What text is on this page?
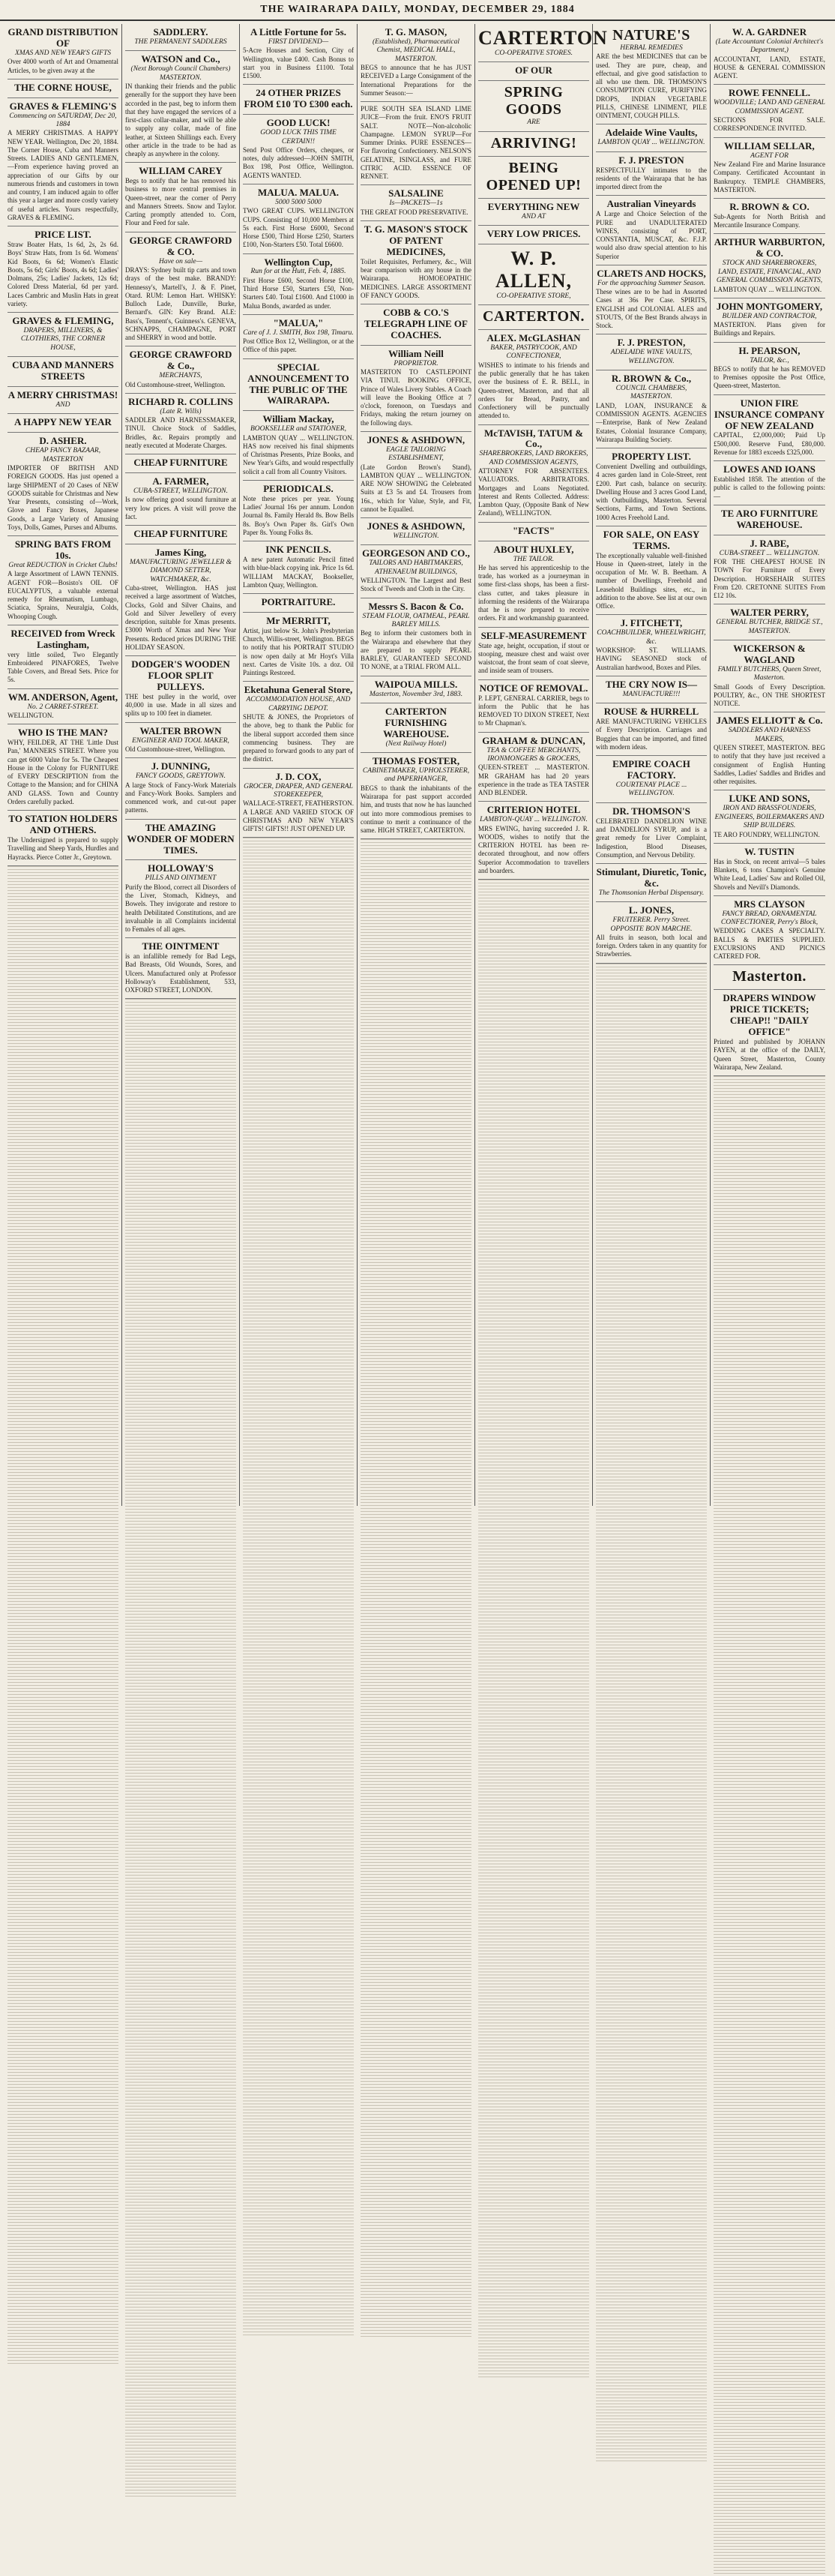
THE WAIRARAPA DAILY, MONDAY, DECEMBER 29, 1884
GRAND DISTRIBUTION OF
XMAS AND NEW YEAR'S GIFTS
Over 4000 worth of Art and Ornamental Articles, to be given away at the
THE CORNE HOUSE,
GRAVES & FLEMING'S
Commencing on SATURDAY, Dec 20, 1884
A MERRY CHRISTMAS. A HAPPY NEW YEAR. Wellington, Dec 20, 1884. The Corner House, Cuba and Manners Streets. LADIES AND GENTLEMEN,—From experience having proved an appreciation of our Gifts by our numerous friends and customers in town and country, I am induced again to offer this year a larger and more costly variety of useful articles. Yours respectfully, GRAVES & FLEMING.
PRICE LIST.
Straw Boater Hats, 1s 6d, 2s, 2s 6d. Boys' Straw Hats, from 1s 6d. Womens' Kid Boots, 6s 6d; Women's Elastic Boots, 5s 6d; Girls' Boots, 4s 6d; Ladies' Dolmans, 25s; Ladies' Jackets, 12s 6d; Colored Dress Material, 6d per yard. Laces Cambric and Muslin Hats in great variety.
GRAVES & FLEMING,
DRAPERS, MILLINERS, & CLOTHIERS, THE CORNER HOUSE,
CUBA AND MANNERS STREETS
A MERRY CHRISTMAS!
AND
A HAPPY NEW YEAR
D. ASHER.
CHEAP FANCY BAZAAR, MASTERTON
IMPORTER OF BRITISH AND FOREIGN GOODS. Has just opened a large SHIPMENT of 20 Cases of NEW GOODS suitable for Christmas and New Year Presents, consisting of—Work, Glove and Fancy Boxes, Japanese Goods, a Large Variety of Amusing Toys, Dolls, Games, Purses and Albums.
SPRING BATS FROM 10s.
Great REDUCTION in Cricket Clubs!
A large Assortment of LAWN TENNIS. AGENT FOR—Bosisto's OIL OF EUCALYPTUS, a valuable external remedy for Rheumatism, Lumbago, Sciatica, Sprains, Neuralgia, Colds, Whooping Cough.
RECEIVED from Wreck Lastingham,
very little soiled, Two Elegantly Embroidered PINAFORES, Twelve Table Covers, and Bread Sets. Price for 5s.
WM. ANDERSON, Agent,
No. 2 CARRET-STREET.
WELLINGTON.
WHO IS THE MAN?
WHY, FEILDER, AT THE 'Little Dust Pan,' MANNERS STREET. Where you can get 6000 Value for 5s. The Cheapest House in the Colony for FURNITURE of EVERY DESCRIPTION from the Cottage to the Mansion; and for CHINA AND GLASS. Town and Country Orders carefully packed.
TO STATION HOLDERS AND OTHERS.
The Undersigned is prepared to supply Travelling and Sheep Yards, Hurdles and Hayracks. Pierce Cotter Jr., Greytown.
SADDLERY.
THE PERMANENT SADDLERS
WATSON and Co.,
(Next Borough Council Chambers) MASTERTON.
IN thanking their friends and the public generally for the support they have been accorded in the past, beg to inform them that they have engaged the services of a first-class collar-maker, and will be able to supply any collar, made of fine leather, at Sixteen Shillings each. Every other article in the trade to be had as cheaply as anywhere in the colony.
WILLIAM CAREY
Begs to notify that he has removed his business to more central premises in Queen-street, near the corner of Perry and Manners Streets. Snow and Taylor. Carting promptly attended to. Corn, Flour and Feed for sale.
GEORGE CRAWFORD & CO.
Have on sale—
DRAYS: Sydney built tip carts and town drays of the best make. BRANDY: Hennessy's, Martell's, J. & F. Pinet, Otard. RUM: Lemon Hart. WHISKY: Bulloch Lade, Dunville, Burke, Bernard's. GIN: Key Brand. ALE: Bass's, Tennent's, Guinness's. GENEVA, SCHNAPPS, CHAMPAGNE, PORT and SHERRY in wood and bottle.
GEORGE CRAWFORD & Co.,
MERCHANTS,
Old Customhouse-street, Wellington.
RICHARD R. COLLINS
(Late R. Wills)
SADDLER AND HARNESSMAKER, TINUI. Choice Stock of Saddles, Bridles, &c. Repairs promptly and neatly executed at Moderate Charges.
CHEAP FURNITURE
A. FARMER,
CUBA-STREET, WELLINGTON.
Is now offering good sound furniture at very low prices. A visit will prove the fact.
CHEAP FURNITURE
James King,
MANUFACTURING JEWELLER & DIAMOND SETTER, WATCHMAKER, &c.
Cuba-street, Wellington. HAS just received a large assortment of Watches, Clocks, Gold and Silver Chains, and Gold and Silver Jewellery of every description, suitable for Xmas presents. £3000 Worth of Xmas and New Year Presents. Reduced prices DURING THE HOLIDAY SEASON.
DODGER'S WOODEN FLOOR SPLIT PULLEYS.
THE best pulley in the world, over 40,000 in use. Made in all sizes and splits up to 100 feet in diameter.
WALTER BROWN
ENGINEER AND TOOL MAKER,
Old Customhouse-street, Wellington.
J. DUNNING,
FANCY GOODS, GREYTOWN.
A large Stock of Fancy-Work Materials and Fancy-Work Books. Samplers and commenced work, and cut-out paper patterns.
THE AMAZING WONDER OF MODERN TIMES.
HOLLOWAY'S
PILLS AND OINTMENT
Purify the Blood, correct all Disorders of the Liver, Stomach, Kidneys, and Bowels. They invigorate and restore to health Debilitated Constitutions, and are invaluable in all Complaints incidental to Females of all ages.
THE OINTMENT
is an infallible remedy for Bad Legs, Bad Breasts, Old Wounds, Sores, and Ulcers. Manufactured only at Professor Holloway's Establishment, 533, OXFORD STREET, LONDON.
A Little Fortune for 5s.
FIRST DIVIDEND—
5-Acre Houses and Section, City of Wellington, value £400. Cash Bonus to start you in Business £1100. Total £1500.
24 OTHER PRIZES FROM £10 TO £300 each.
GOOD LUCK!
GOOD LUCK THIS TIME CERTAIN!!
Send Post Office Orders, cheques, or notes, duly addressed—JOHN SMITH, Box 198, Post Office, Wellington. AGENTS WANTED.
MALUA. MALUA.
5000 5000 5000
TWO GREAT CUPS. WELLINGTON CUPS. Consisting of 10,000 Members at 5s each. First Horse £6000, Second Horse £500, Third Horse £250, Starters £100, Non-Starters £50. Total £6600.
Wellington Cup,
Run for at the Hutt, Feb. 4, 1885.
First Horse £600, Second Horse £100, Third Horse £50, Starters £50, Non-Starters £40. Total £1600. And £1000 in Malua Bonds, awarded as under.
"MALUA,"
Care of J. J. SMITH, Box 198, Timaru.
Post Office Box 12, Wellington, or at the Office of this paper.
SPECIAL ANNOUNCEMENT TO THE PUBLIC OF THE WAIRARAPA.
William Mackay,
BOOKSELLER and STATIONER,
LAMBTON QUAY ... WELLINGTON. HAS now received his final shipments of Christmas Presents, Prize Books, and New Year's Gifts, and would respectfully solicit a call from all Country Visitors.
PERIODICALS.
Note these prices per year. Young Ladies' Journal 16s per annum. London Journal 8s. Family Herald 8s. Bow Bells 8s. Boy's Own Paper 8s. Girl's Own Paper 8s. Young Folks 8s.
INK PENCILS.
A new patent Automatic Pencil fitted with blue-black copying ink. Price 1s 6d. WILLIAM MACKAY, Bookseller, Lambton Quay, Wellington.
PORTRAITURE.
Mr MERRITT,
Artist, just below St. John's Presbyterian Church, Willis-street, Wellington. BEGS to notify that his PORTRAIT STUDIO is now open daily at Mr Hoyt's Villa next. Cartes de Visite 10s. a doz. Oil Paintings Restored.
Eketahuna General Store,
ACCOMMODATION HOUSE, AND CARRYING DEPOT.
SHUTE & JONES, the Proprietors of the above, beg to thank the Public for the liberal support accorded them since commencing business. They are prepared to forward goods to any part of the district.
J. D. COX,
GROCER, DRAPER, AND GENERAL STOREKEEPER,
WALLACE-STREET, FEATHERSTON. A LARGE AND VARIED STOCK OF CHRISTMAS AND NEW YEAR'S GIFTS! GIFTS!! JUST OPENED UP.
T. G. MASON,
(Established), Pharmaceutical Chemist, MEDICAL HALL, MASTERTON.
BEGS to announce that he has JUST RECEIVED a Large Consignment of the International Preparations for the Summer Season:—
PURE SOUTH SEA ISLAND LIME JUICE—From the fruit. ENO'S FRUIT SALT. NOTE—Non-alcoholic Champagne. LEMON SYRUP—For Summer Drinks. PURE ESSENCES—For flavoring Confectionery. NELSON'S GELATINE, ISINGLASS, and FURE CITRIC ACID. ESSENCE OF RENNET.
SALSALINE
Is—PACKETS—1s
THE GREAT FOOD PRESERVATIVE.
T. G. MASON'S STOCK OF PATENT MEDICINES,
Toilet Requisites, Perfumery, &c., Will bear comparison with any house in the Wairarapa. HOMOEOPATHIC MEDICINES. LARGE ASSORTMENT OF FANCY GOODS.
COBB & CO.'S TELEGRAPH LINE OF COACHES.
William Neill
PROPRIETOR.
MASTERTON TO CASTLEPOINT VIA TINUI. BOOKING OFFICE, Prince of Wales Livery Stables. A Coach will leave the Booking Office at 7 o'clock, forenoon, on Tuesdays and Fridays, making the return journey on the following days.
JONES & ASHDOWN,
EAGLE TAILORING ESTABLISHMENT,
(Late Gordon Brown's Stand), LAMBTON QUAY ... WELLINGTON. ARE NOW SHOWING the Celebrated Suits at £3 5s and £4. Trousers from 16s., which for Value, Style, and Fit, cannot be Equalled.
JONES & ASHDOWN,
WELLINGTON.
GEORGESON AND CO.,
TAILORS AND HABITMAKERS, ATHENAEUM BUILDINGS,
WELLINGTON. The Largest and Best Stock of Tweeds and Cloth in the City.
Messrs S. Bacon & Co.
STEAM FLOUR, OATMEAL, PEARL BARLEY MILLS.
Beg to inform their customers both in the Wairarapa and elsewhere that they are prepared to supply PEARL BARLEY, GUARANTEED SECOND TO NONE, at a TRIAL FROM ALL.
WAIPOUA MILLS.
Masterton, November 3rd, 1883.
CARTERTON FURNISHING WAREHOUSE.
(Next Railway Hotel)
THOMAS FOSTER,
CABINETMAKER, UPHOLSTERER, and PAPERHANGER,
BEGS to thank the inhabitants of the Wairarapa for past support accorded him, and trusts that now he has launched out into more commodious premises to continue to merit a continuance of the same. HIGH STREET, CARTERTON.
CARTERTON
CO-OPERATIVE STORES.
OF OUR
SPRING GOODS
ARE
ARRIVING!
BEING OPENED UP!
EVERYTHING NEW
AND AT
VERY LOW PRICES.
W. P. ALLEN,
CO-OPERATIVE STORE,
CARTERTON.
ALEX. McGLASHAN
BAKER, PASTRYCOOK, AND CONFECTIONER,
WISHES to intimate to his friends and the public generally that he has taken over the business of E. R. BELL, in Queen-street, Masterton, and that all orders for Bread, Pastry, and Confectionery will be punctually attended to.
McTAVISH, TATUM & Co.,
SHAREBROKERS, LAND BROKERS, AND COMMISSION AGENTS,
ATTORNEY FOR ABSENTEES. VALUATORS. ARBITRATORS. Mortgages and Loans Negotiated. Interest and Rents Collected. Address: Lambton Quay, (Opposite Bank of New Zealand), WELLINGTON.
"FACTS"
ABOUT HUXLEY,
THE TAILOR.
He has served his apprenticeship to the trade, has worked as a journeyman in some first-class shops, has been a first-class cutter, and takes pleasure in informing the residents of the Wairarapa that he is now prepared to receive orders. Fit and workmanship guaranteed.
SELF-MEASUREMENT
State age, height, occupation, if stout or stooping, measure chest and waist over waistcoat, the front seam of coat sleeve, and inside seam of trousers.
NOTICE OF REMOVAL.
P. LEPT, GENERAL CARRIER, begs to inform the Public that he has REMOVED TO DIXON STREET, Next to Mr Chapman's.
GRAHAM & DUNCAN,
TEA & COFFEE MERCHANTS, IRONMONGERS & GROCERS,
QUEEN-STREET ... MASTERTON. MR GRAHAM has had 20 years experience in the trade as TEA TASTER AND BLENDER.
CRITERION HOTEL
LAMBTON-QUAY ... WELLINGTON.
MRS EWING, having succeeded J. R. WOODS, wishes to notify that the CRITERION HOTEL has been re-decorated throughout, and now offers Superior Accommodation to travellers and boarders.
NATURE'S
HERBAL REMEDIES
ARE the best MEDICINES that can be used. They are pure, cheap, and effectual, and give good satisfaction to all who use them. DR. THOMSON'S CONSUMPTION CURE, PURIFYING DROPS, INDIAN VEGETABLE PILLS, CHINESE LINIMENT, PILE OINTMENT, COUGH PILLS.
Adelaide Wine Vaults,
LAMBTON QUAY ... WELLINGTON.
F. J. PRESTON
RESPECTFULLY intimates to the residents of the Wairarapa that he has imported direct from the
Australian Vineyards
A Large and Choice Selection of the PURE and UNADULTERATED WINES, consisting of PORT, CONSTANTIA, MUSCAT, &c. F.J.P. would also draw special attention to his Superior
CLARETS AND HOCKS,
For the approaching Summer Season.
These wines are to be had in Assorted Cases at 36s Per Case. SPIRITS, ENGLISH and COLONIAL ALES and STOUTS, Of the Best Brands always in Stock.
F. J. PRESTON,
ADELAIDE WINE VAULTS, WELLINGTON.
R. BROWN & Co.,
COUNCIL CHAMBERS, MASTERTON.
LAND, LOAN, INSURANCE & COMMISSION AGENTS. AGENCIES—Enterprise, Bank of New Zealand Estates, Colonial Insurance Company, Wairarapa Building Society.
PROPERTY LIST.
Convenient Dwelling and outbuildings, 4 acres garden land in Cole-Street, rent £200. Part cash, balance on security. Dwelling House and 3 acres Good Land, with Outbuildings, Masterton. Several Sections, Farms, and Town Sections. 1000 Acres Freehold Land.
FOR SALE, ON EASY TERMS.
The exceptionally valuable well-finished House in Queen-street, lately in the occupation of Mr. W. B. Beetham. A number of Dwellings, Freehold and Leasehold Buildings sites, etc., in addition to the above. See list at our own Office.
J. FITCHETT,
COACHBUILDER, WHEELWRIGHT, &c.
WORKSHOP: ST. WILLIAMS. HAVING SEASONED stock of Australian hardwood, Boxes and Piles.
THE CRY NOW IS—
MANUFACTURE!!!
ROUSE & HURRELL
ARE MANUFACTURING VEHICLES of Every Description. Carriages and Buggies that can be imported, and fitted with modern ideas.
EMPIRE COACH FACTORY.
COURTENAY PLACE ... WELLINGTON.
DR. THOMSON'S
CELEBRATED DANDELION WINE and DANDELION SYRUP, and is a great remedy for Liver Complaint, Indigestion, Blood Diseases, Consumption, and Nervous Debility.
Stimulant, Diuretic, Tonic, &c.
The Thomsonian Herbal Dispensary.
L. JONES,
FRUITERER. Perry Street. OPPOSITE BON MARCHE.
All fruits in season, both local and foreign. Orders taken in any quantity for Strawberries.
W. A. GARDNER
(Late Accountant Colonial Architect's Department,)
ACCOUNTANT, LAND, ESTATE, HOUSE & GENERAL COMMISSION AGENT.
ROWE FENNELL.
WOODVILLE; LAND AND GENERAL COMMISSION AGENT.
SECTIONS FOR SALE. CORRESPONDENCE INVITED.
WILLIAM SELLAR,
AGENT FOR
New Zealand Fire and Marine Insurance Company. Certificated Accountant in Bankruptcy. TEMPLE CHAMBERS, MASTERTON.
R. BROWN & CO.
Sub-Agents for North British and Mercantile Insurance Company.
ARTHUR WARBURTON, & CO.
STOCK AND SHAREBROKERS, LAND, ESTATE, FINANCIAL, AND GENERAL COMMISSION AGENTS,
LAMBTON QUAY ... WELLINGTON.
JOHN MONTGOMERY,
BUILDER AND CONTRACTOR,
MASTERTON. Plans given for Buildings and Repairs.
H. PEARSON,
TAILOR, &c.,
BEGS to notify that he has REMOVED to Premises opposite the Post Office, Queen-street, Masterton.
UNION FIRE INSURANCE COMPANY OF NEW ZEALAND
CAPITAL, £2,000,000; Paid Up £500,000. Reserve Fund, £80,000. Revenue for 1883 exceeds £325,000.
LOWES AND IOANS
Established 1858. The attention of the public is called to the following points:—
TE ARO FURNITURE WAREHOUSE.
J. RABE,
CUBA-STREET ... WELLINGTON.
FOR THE CHEAPEST HOUSE IN TOWN For Furniture of Every Description. HORSEHAIR SUITES From £20. CRETONNE SUITES From £12 10s.
WALTER PERRY,
GENERAL BUTCHER, BRIDGE ST., MASTERTON.
WICKERSON & WAGLAND
FAMILY BUTCHERS, Queen Street, Masterton.
Small Goods of Every Description. POULTRY, &c., ON THE SHORTEST NOTICE.
JAMES ELLIOTT & Co.
SADDLERS AND HARNESS MAKERS,
QUEEN STREET, MASTERTON. BEG to notify that they have just received a consignment of English Hunting Saddles, Ladies' Saddles and Bridles and other requisites.
LUKE AND SONS,
IRON AND BRASSFOUNDERS, ENGINEERS, BOILERMAKERS AND SHIP BUILDERS.
TE ARO FOUNDRY, WELLINGTON.
W. TUSTIN
Has in Stock, on recent arrival—5 bales Blankets, 6 tons Champion's Genuine White Lead, Ladies' Saw and Rolled Oil, Shovels and Nevill's Diamonds.
MRS CLAYSON
FANCY BREAD, ORNAMENTAL CONFECTIONER, Perry's Block,
WEDDING CAKES A SPECIALTY. BALLS & PARTIES SUPPLIED. EXCURSIONS AND PICNICS CATERED FOR.
Masterton.
DRAPERS WINDOW PRICE TICKETS; CHEAP!! "DAILY OFFICE"
Printed and published by JOHANN FAYEN, at the office of the DAILY, Queen Street, Masterton, County Wairarapa, New Zealand.
